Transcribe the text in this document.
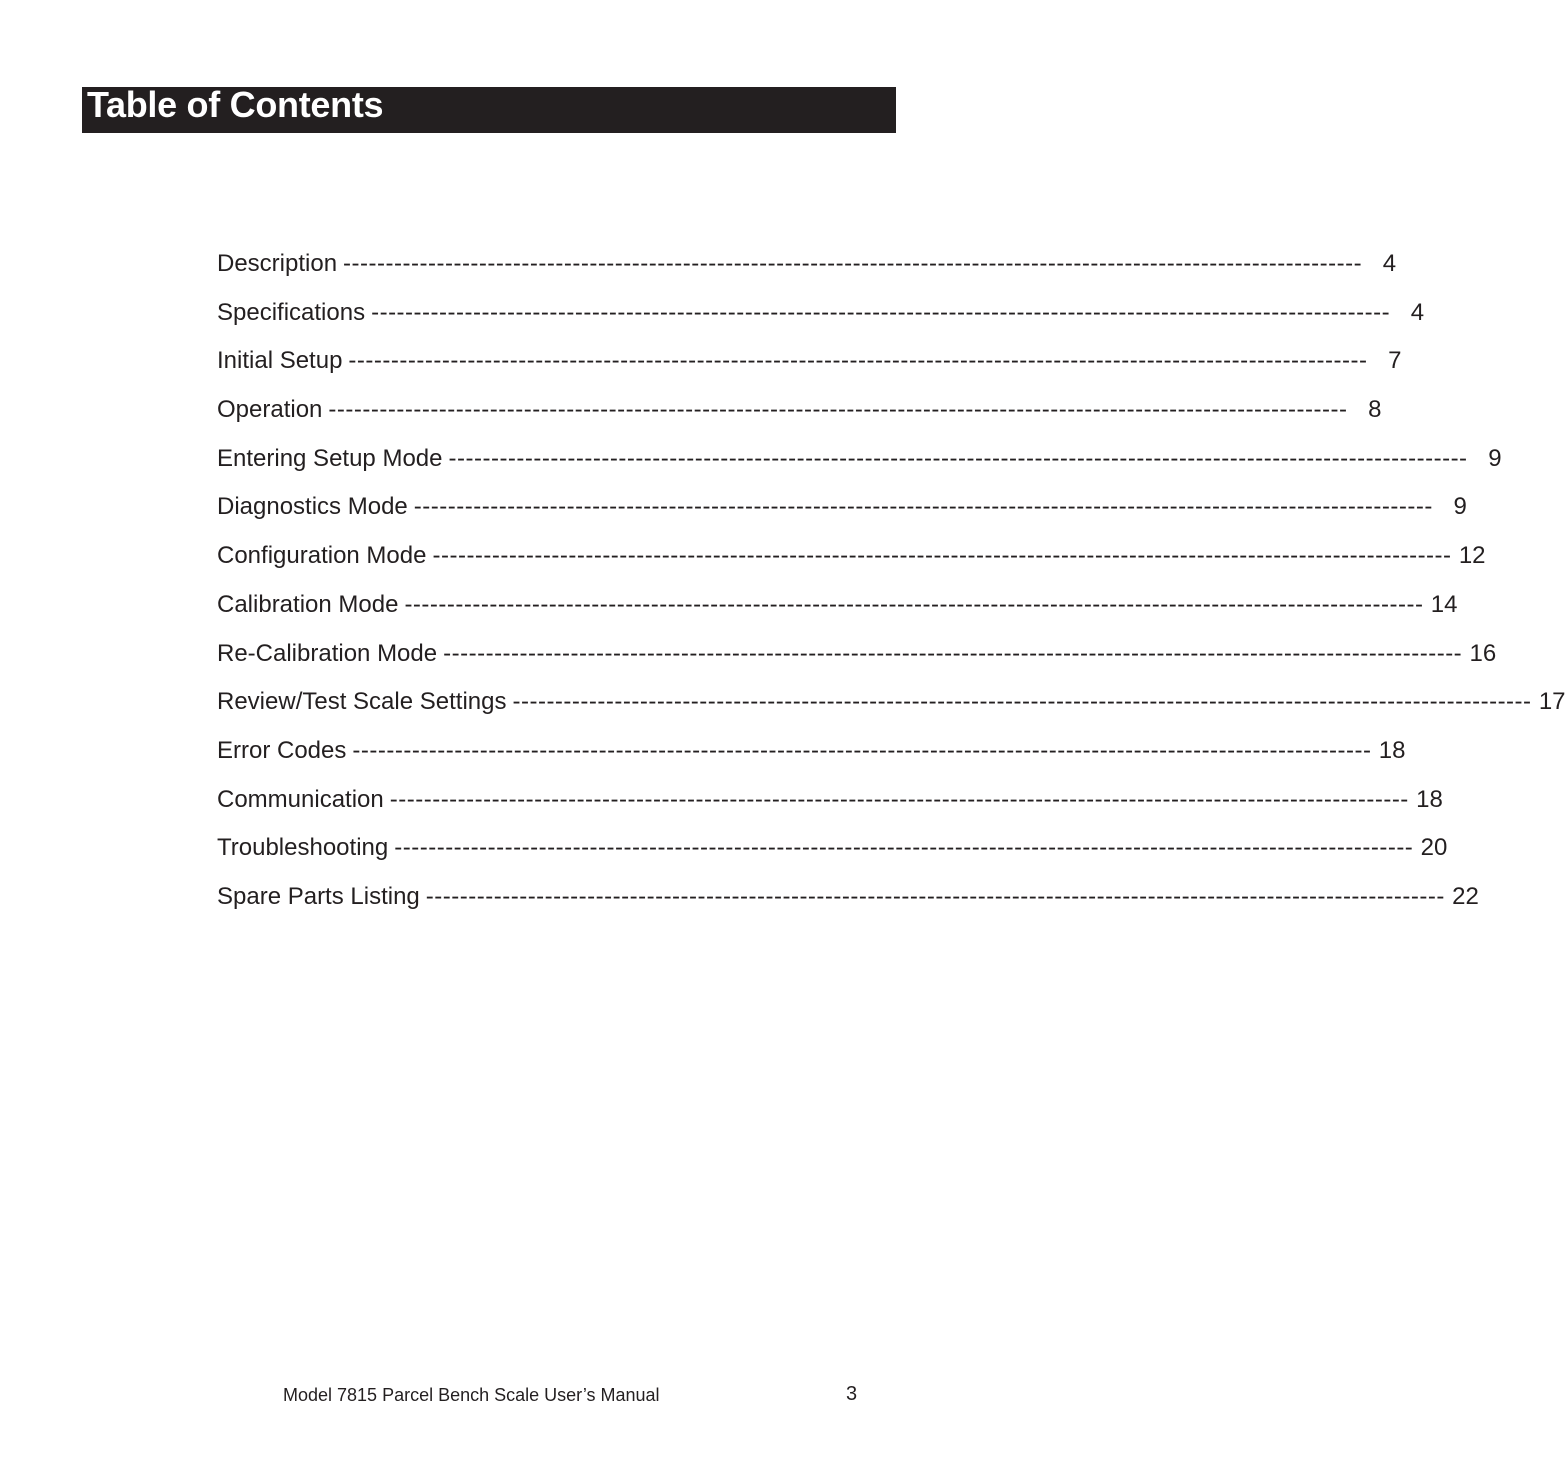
Table of Contents
Description ------------------------------------------------------------------------------------------------------------------------ 4
Specifications ------------------------------------------------------------------------------------------------------------------------ 4
Initial Setup ------------------------------------------------------------------------------------------------------------------------ 7
Operation ------------------------------------------------------------------------------------------------------------------------ 8
Entering Setup Mode ------------------------------------------------------------------------------------------------------------------------ 9
Diagnostics Mode ------------------------------------------------------------------------------------------------------------------------ 9
Configuration Mode ------------------------------------------------------------------------------------------------------------------------ 12
Calibration Mode ------------------------------------------------------------------------------------------------------------------------ 14
Re-Calibration Mode ------------------------------------------------------------------------------------------------------------------------ 16
Review/Test Scale Settings ------------------------------------------------------------------------------------------------------------------------ 17
Error Codes ------------------------------------------------------------------------------------------------------------------------ 18
Communication ------------------------------------------------------------------------------------------------------------------------ 18
Troubleshooting ------------------------------------------------------------------------------------------------------------------------ 20
Spare Parts Listing ------------------------------------------------------------------------------------------------------------------------ 22
Model 7815 Parcel Bench Scale User’s Manual	3
